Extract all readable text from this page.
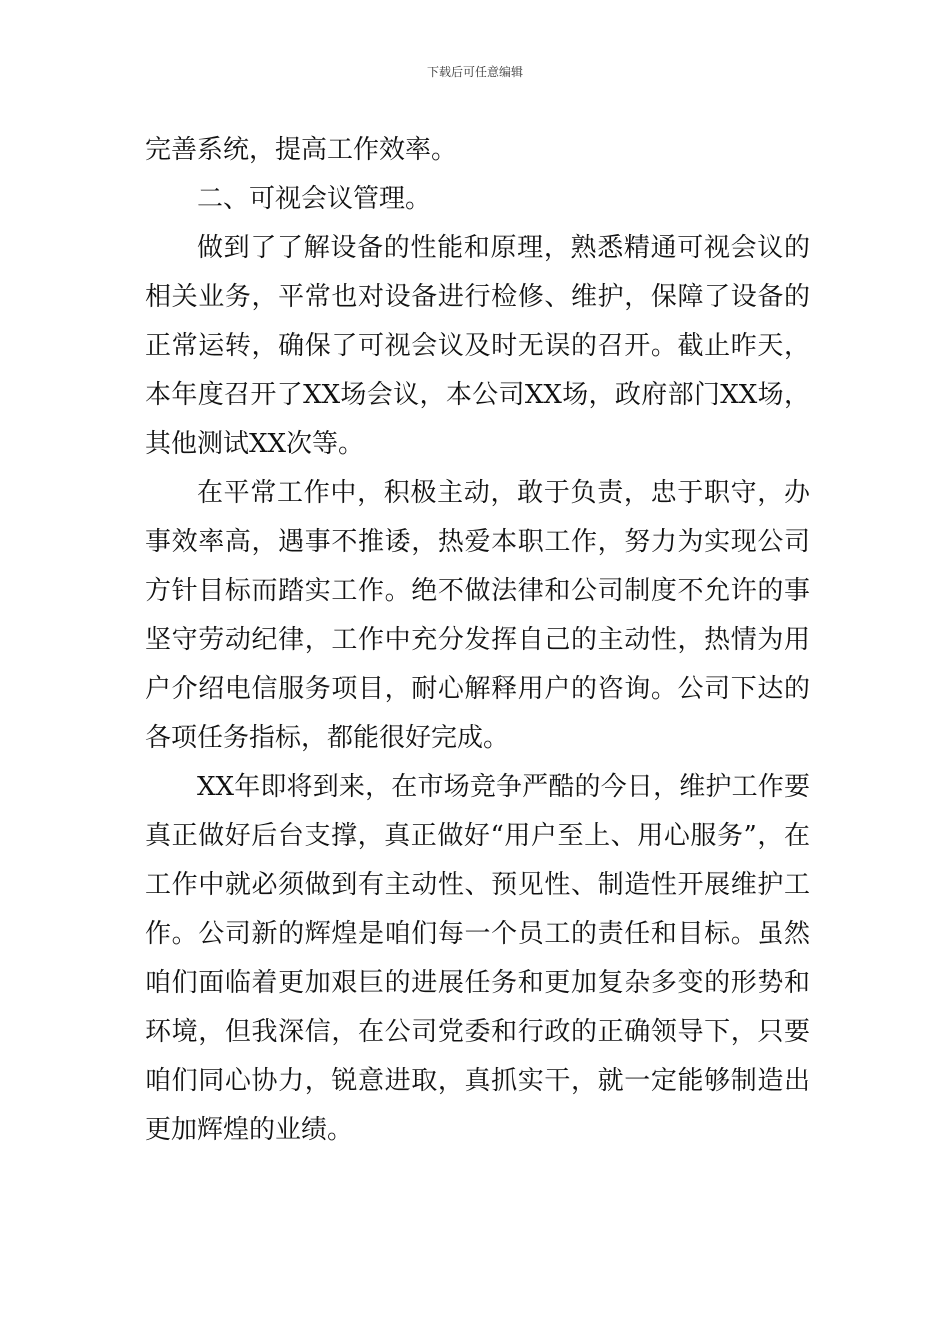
下载后可任意编辑

完善系统，提高工作效率。

二、可视会议管理。

做到了了解设备的性能和原理，熟悉精通可视会议的相关业务，平常也对设备进行检修、维护，保障了设备的正常运转，确保了可视会议及时无误的召开。截止昨天，本年度召开了XX场会议，本公司XX场，政府部门XX场，其他测试XX次等。

在平常工作中，积极主动，敢于负责，忠于职守，办事效率高，遇事不推诿，热爱本职工作，努力为实现公司方针目标而踏实工作。绝不做法律和公司制度不允许的事坚守劳动纪律，工作中充分发挥自己的主动性，热情为用户介绍电信服务项目，耐心解释用户的咨询。公司下达的各项任务指标，都能很好完成。

XX年即将到来，在市场竞争严酷的今日，维护工作要真正做好后台支撑，真正做好“用户至上、用心服务”，在工作中就必须做到有主动性、预见性、制造性开展维护工作。公司新的辉煌是咱们每一个员工的责任和目标。虽然咱们面临着更加艰巨的进展任务和更加复杂多变的形势和环境，但我深信，在公司党委和行政的正确领导下，只要咱们同心协力，锐意进取，真抓实干，就一定能够制造出更加辉煌的业绩。
